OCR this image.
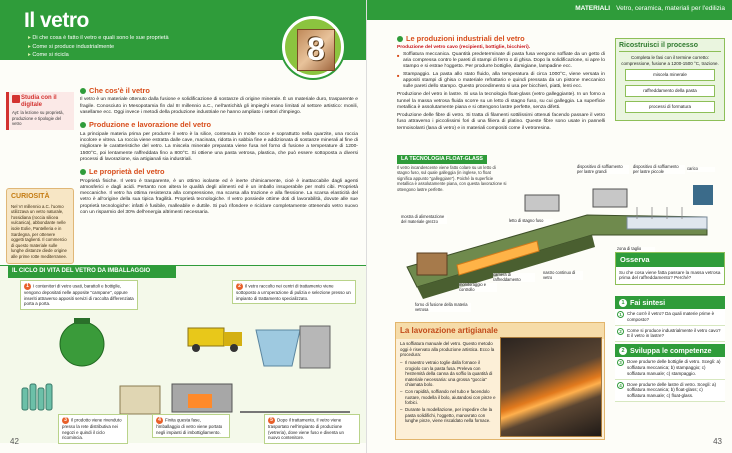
Il vetro
▸ Di che cosa è fatto il vetro e quali sono le sue proprietà
▸ Come si produce industrialmente
▸ Come si ricicla	8
Studia con il digitale
Ayt: la lezione su proprietà, produzione e tipologie del vetro
CURIOSITÀ
Nel VI millennio a.C. l'uomo utilizzava un vetro naturale, l'ossidiana (roccia silicea vulcanica), abbondante nelle isole Eolie, Pantelleria e in Sardegna, per ottenere oggetti taglienti. Il commercio di questo materiale sulle lunghe distanze diede origine alle prime rotte mediterranee.
Che cos'è il vetro

Il vetro è un materiale ottenuto dalla fusione e solidificazione di sostanze di origine minerale. È un materiale duro, trasparente e fragile. Conosciuto in Mesopotamia fin dal III millennio a.C., nell'antichità gli impieghi erano limitati al settore artistico: monili, vasellame ecc. Oggi invece i metodi della produzione industriale ne hanno ampliato i settori d'impiego.

Produzione e lavorazione del vetro

La principale materia prima per produrre il vetro è la silice, contenuta in molte rocce e soprattutto nella quarzite, una roccia incolore e vitrea. La roccia viene estratta dalle cave, macinata, ridotta in sabbia fine e addizionata di sostanze minerali al fine di migliorare le caratteristiche del vetro. La miscela minerale preparata viene fusa nel forno di fusione a temperature di 1200-1500°C, poi lentamente raffreddata fino a 800°C. Si ottiene una pasta vetrosa, plastica, che può essere sottoposta a diversi processi di lavorazione, sia artigianali sia industriali.

Le proprietà del vetro

Proprietà fisiche. Il vetro è trasparente, è un ottimo isolante ed è inerte chimicamente, cioè è inattaccabile dagli agenti atmosferici e dagli acidi. Pertanto non altera le qualità degli alimenti ed è un imballo insuperabile per molti cibi. Proprietà meccaniche. Il vetro ha ottima resistenza alla compressione, ma scarsa alla trazione e alla flessione. La scarsa elasticità del vetro è all'origine della sua tipica fragilità. Proprietà tecnologiche. Il vetro possiede ottime doti di lavorabilità, dovute alle sue proprietà tecnologiche: infatti è fusibile, malleabile e duttile. Si può rifondere e riciclare completamente ottenendo vetro nuovo con un risparmio del 30% dell'energia altrimenti necessaria.

IL CICLO DI VITA DEL VETRO DA IMBALLAGGIO
1 I contenitori di vetro usati, barattoli e bottiglie, vengono depositati nelle apposite "campane", oppure inseriti attraverso appositi servizi di raccolta differenziata porta a porta.
2 Il vetro raccolto nei centri di trattamento viene sottoposto a un'operazione di pulizia e selezione presso un impianto di trattamento specializzato.
3 Il prodotto viene rivenduto presso la rete distributiva nei negozi e quindi il ciclo ricomincia.
4 Finita questa fase, l'imballaggio di vetro viene portato negli impianti di imbottigliamento.
5 Dopo il trattamento, il vetro viene trasportato nell'impianto di produzione (vetreria), dove viene fuso e diventa un nuovo contenitore.
42
MATERIALI Vetro, ceramica, materiali per l'edilizia
Le produzioni industriali del vetro

Produzione del vetro cavo (recipienti, bottiglie, bicchieri).

■ Soffiatura meccanica. Quantità predeterminate di pasta fusa vengono soffiate da un getto di aria compressa contro le pareti di stampi di ferro o di ghisa. Dopo la solidificazione, si apre lo stampo e si estrae l'oggetto. Per produrre bottiglie, damigiane, lampadine ecc.
■ Stampaggio. La pasta allo stato fluido, alla temperatura di circa 1000°C, viene versata in appositi stampi di ghisa o materiale refrattario e quindi pressata da un pistone meccanico sulle pareti dello stampo. Questo procedimento si usa per bicchieri, piatti, lenti ecc.

Produzione del vetro in lastre. Si usa la tecnologia float-glass (vetro galleggiante). In un forno a tunnel la massa vetrosa fluida scorre su un letto di stagno fuso, su cui galleggia. La superficie metallica è assolutamente piana e si ottengono lastre perfette, senza difetti.

Produzione delle fibre di vetro. Si tratta di filamenti sottilissimi ottenuti facendo passare il vetro fuso attraverso i piccolissimi fori di una filiera di platino. Queste fibre sono usate in pannelli termoisolanti (lana di vetro) e in materiali compositi come il vetroresina.

Ricostruisci il processo
Completa le fasi con il termine corretto: compressione, fusione a 1200-1500 °C, trazione.
miscela minerale
raffreddamento della pasta
processi di formatura
LA TECNOLOGIA FLOAT-GLASS
Il vetro incandescente viene fatto colare su un letto di stagno fuso, sul quale galleggia (in inglese, to float significa appunto "galleggiare"). Poiché la superficie metallica è assolutamente piana, con questa lavorazione si ottengono lastre perfette.
dispositivo di soffiamento per lastre grandi
dispositivo di soffiamento per lastre piccole
carico
mostra di alimentazione del materiale grezzo	letto di stagno fuso
zona di taglio
camera di raffreddamento
nastro continuo di vetro
forno di fusione della materia vetrosa
monitoraggio e controllo
La lavorazione artigianale
La soffiatura manuale del vetro. Questo metodo oggi è riservato alla produzione artistica. Ecco la procedura:
– Il maestro vetraio toglie dalla fornace il crogiolo con la pasta fusa. Preleva con l'estremità della canna da soffio la quantità di materiale necessaria: una grossa "goccia" chiamata bolo.
– Con rapidità, soffiando nel tubo e facendolo ruotare, modella il bolo, aiutandosi con pinze e forbici.
– Durante la modellazione, per impedire che la pasta solidifichi, l'oggetto, manovrato con lunghe pinze, viene riscaldato nella fornace.
Osserva
Su che cosa viene fatta passare la massa vetrosa prima del raffreddamento? Perché?
1 Fai sintesi
1	Che cos'è il vetro? Da quali materie prime è composto?
2	Come si produce industrialmente il vetro cavo? E il vetro in lastre?
2 Sviluppa le competenze
3	Dove produrre delle bottiglie di vetro. Scegli: a) soffiatura meccanica; b) stampaggio; c) soffiatura manuale; c) stampaggio.
4	Dove produrre delle lastre di vetro. Scegli: a) soffiatura meccanica; b) float-glass; c) soffiatura manuale; c) float-glass.
43
